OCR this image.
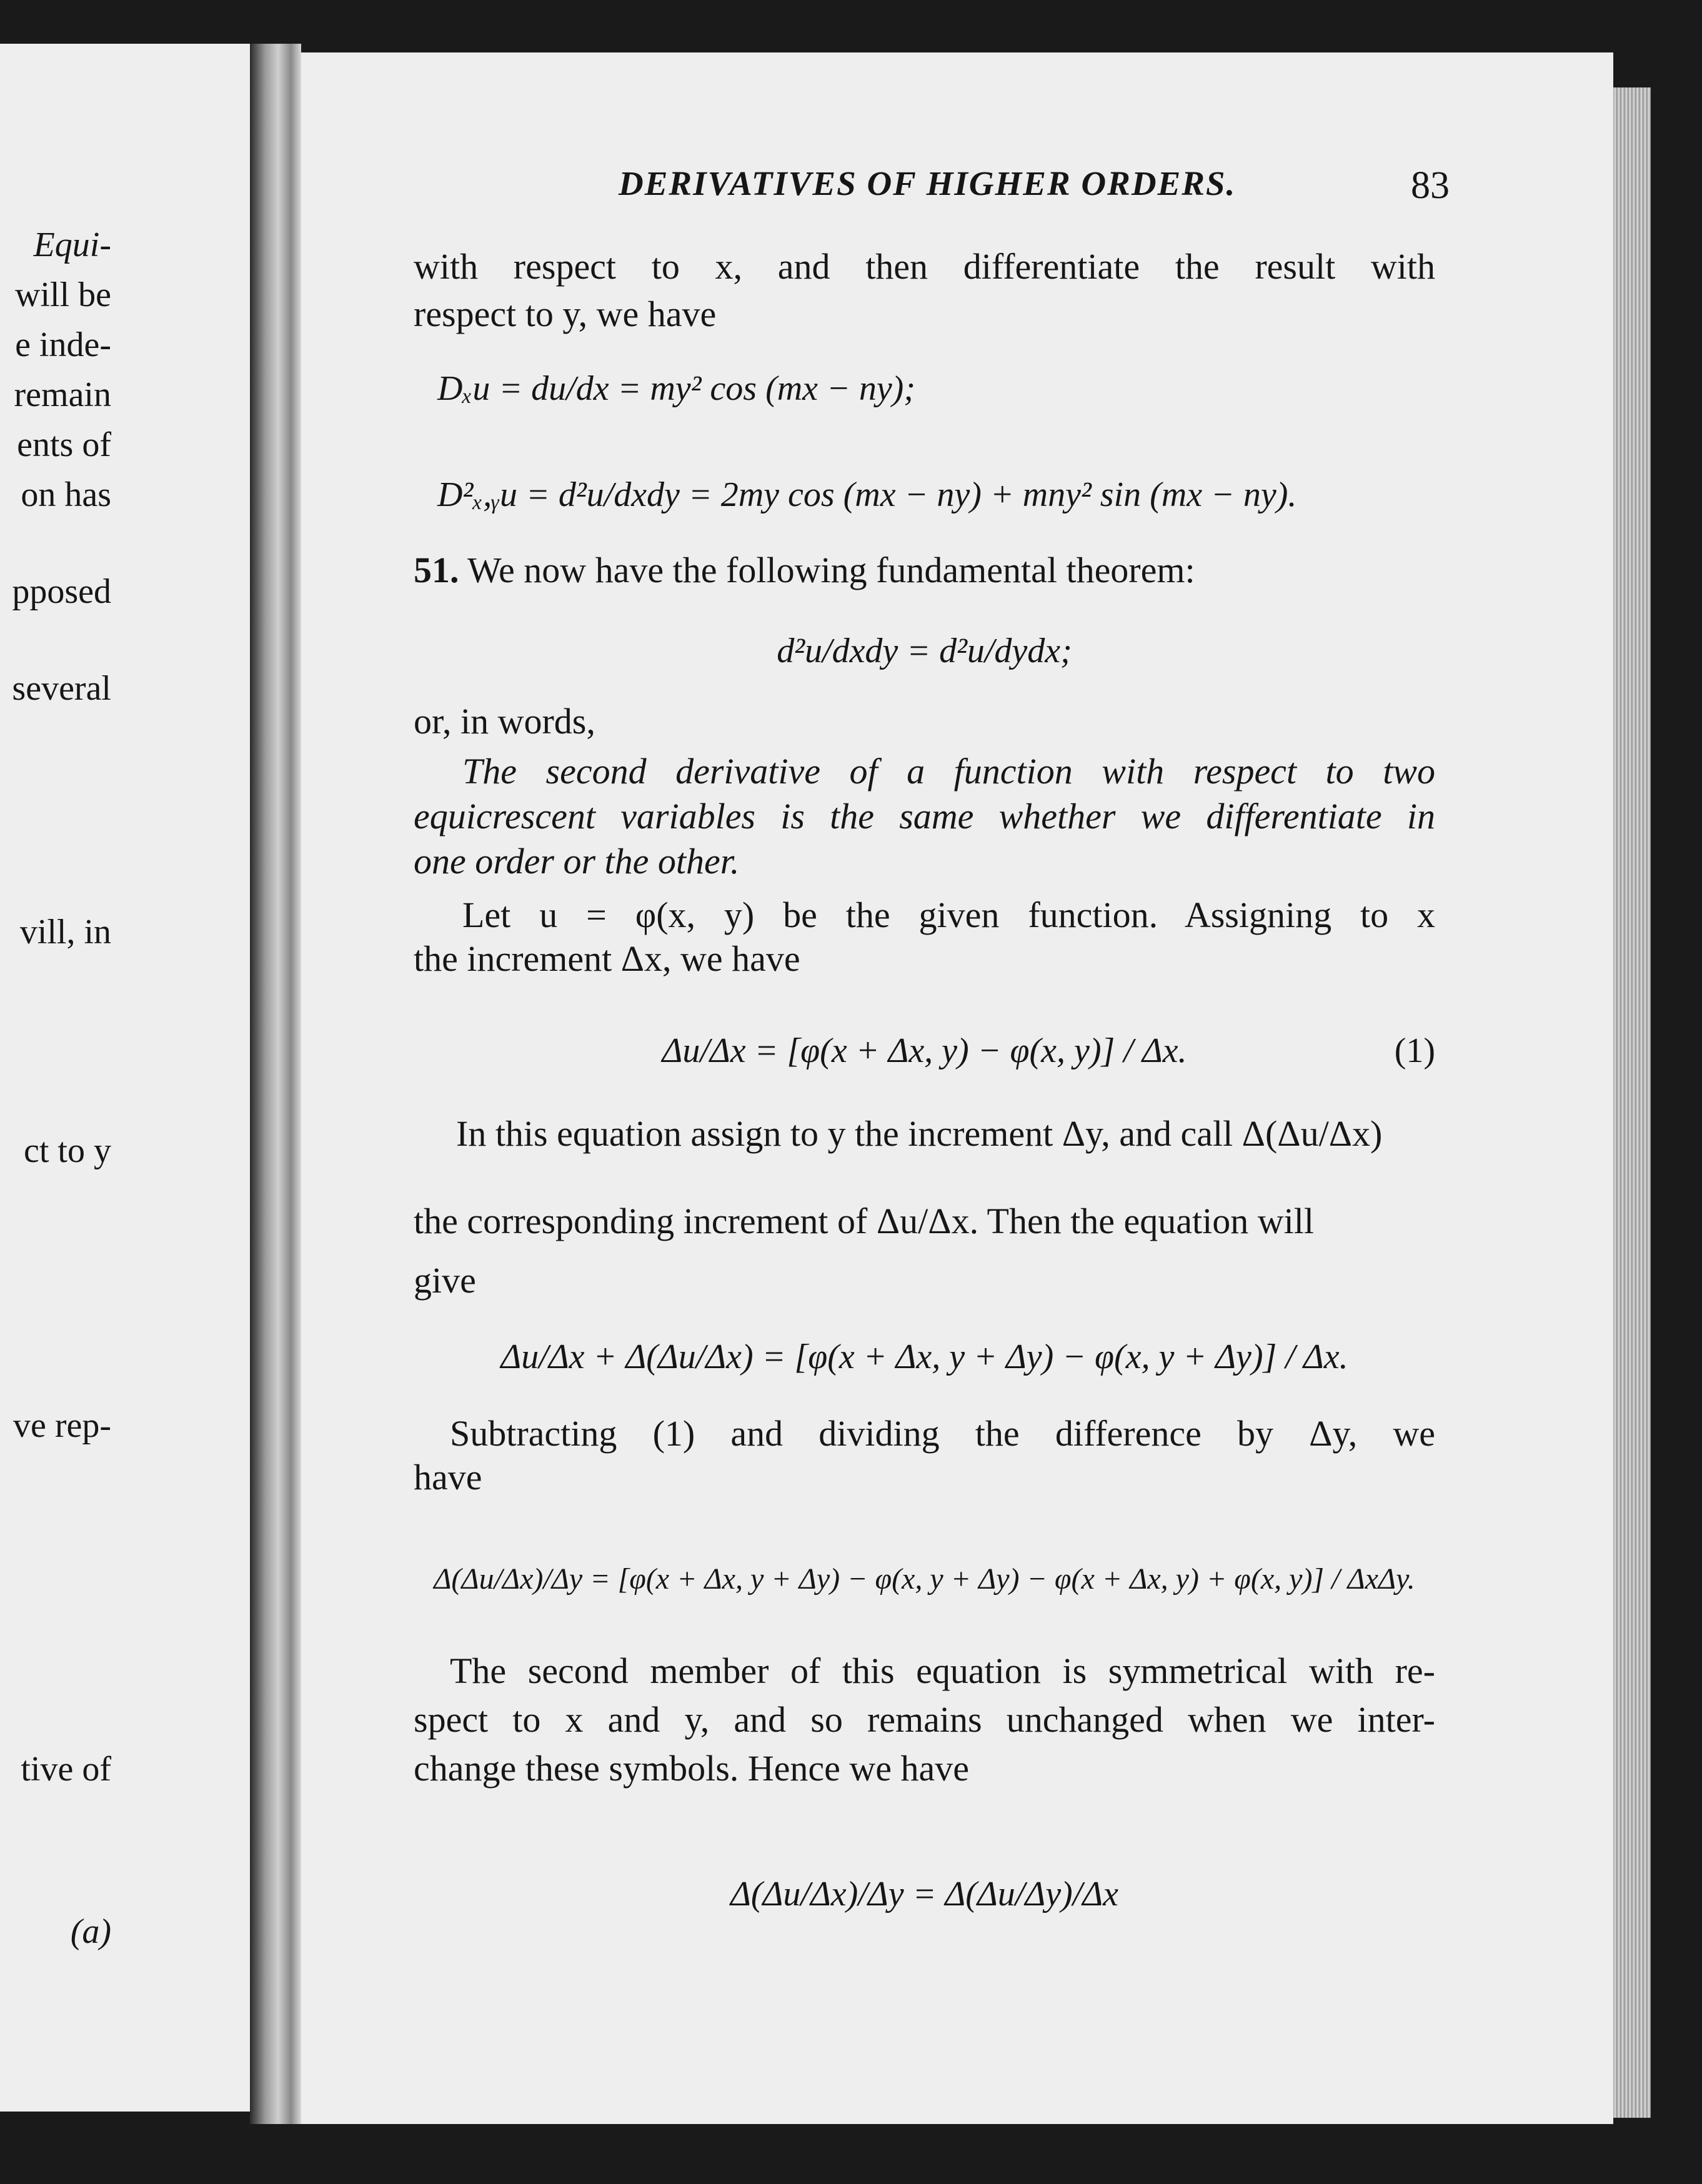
Equi-
will be
e inde-
remain
ents of
on has
pposed
several
vill, in
ct to y
ve rep-
tive of
(a)
DERIVATIVES OF HIGHER ORDERS.	83
with respect to x, and then differentiate the result with
respect to y, we have
Dₓu = du/dx = my² cos (mx − ny);
D²ₓ,ᵧu = d²u/dxdy = 2my cos (mx − ny) + mny² sin (mx − ny).
51. We now have the following fundamental theorem:
d²u/dxdy = d²u/dydx;
or, in words,
The second derivative of a function with respect to two
equicrescent variables is the same whether we differentiate in
one order or the other.
Let u = φ(x, y) be the given function. Assigning to x
the increment Δx, we have
Δu/Δx = [φ(x + Δx, y) − φ(x, y)] / Δx.	(1)
In this equation assign to y the increment Δy, and call Δ(Δu/Δx)
the corresponding increment of Δu/Δx. Then the equation will
give
Δu/Δx + Δ(Δu/Δx) = [φ(x + Δx, y + Δy) − φ(x, y + Δy)] / Δx.
Subtracting (1) and dividing the difference by Δy, we
have
Δ(Δu/Δx)/Δy = [φ(x + Δx, y + Δy) − φ(x, y + Δy) − φ(x + Δx, y) + φ(x, y)] / ΔxΔy.
The second member of this equation is symmetrical with re-
spect to x and y, and so remains unchanged when we inter-
change these symbols. Hence we have
Δ(Δu/Δx)/Δy = Δ(Δu/Δy)/Δx
